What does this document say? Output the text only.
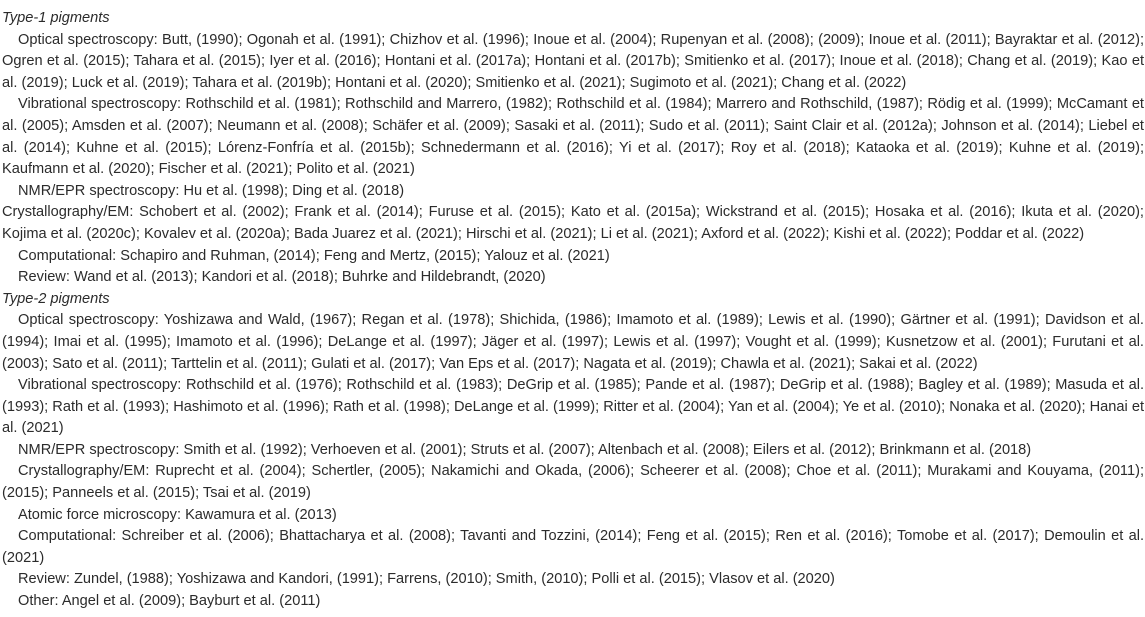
Type-1 pigments

Optical spectroscopy: Butt, (1990); Ogonah et al. (1991); Chizhov et al. (1996); Inoue et al. (2004); Rupenyan et al. (2008); (2009); Inoue et al. (2011); Bayraktar et al. (2012); Ogren et al. (2015); Tahara et al. (2015); Iyer et al. (2016); Hontani et al. (2017a); Hontani et al. (2017b); Smitienko et al. (2017); Inoue et al. (2018); Chang et al. (2019); Kao et al. (2019); Luck et al. (2019); Tahara et al. (2019b); Hontani et al. (2020); Smitienko et al. (2021); Sugimoto et al. (2021); Chang et al. (2022)

Vibrational spectroscopy: Rothschild et al. (1981); Rothschild and Marrero, (1982); Rothschild et al. (1984); Marrero and Rothschild, (1987); Rödig et al. (1999); McCamant et al. (2005); Amsden et al. (2007); Neumann et al. (2008); Schäfer et al. (2009); Sasaki et al. (2011); Sudo et al. (2011); Saint Clair et al. (2012a); Johnson et al. (2014); Liebel et al. (2014); Kuhne et al. (2015); Lórenz-Fonfría et al. (2015b); Schnedermann et al. (2016); Yi et al. (2017); Roy et al. (2018); Kataoka et al. (2019); Kuhne et al. (2019); Kaufmann et al. (2020); Fischer et al. (2021); Polito et al. (2021)

NMR/EPR spectroscopy: Hu et al. (1998); Ding et al. (2018)

Crystallography/EM: Schobert et al. (2002); Frank et al. (2014); Furuse et al. (2015); Kato et al. (2015a); Wickstrand et al. (2015); Hosaka et al. (2016); Ikuta et al. (2020); Kojima et al. (2020c); Kovalev et al. (2020a); Bada Juarez et al. (2021); Hirschi et al. (2021); Li et al. (2021); Axford et al. (2022); Kishi et al. (2022); Poddar et al. (2022)

Computational: Schapiro and Ruhman, (2014); Feng and Mertz, (2015); Yalouz et al. (2021)

Review: Wand et al. (2013); Kandori et al. (2018); Buhrke and Hildebrandt, (2020)

Type-2 pigments

Optical spectroscopy: Yoshizawa and Wald, (1967); Regan et al. (1978); Shichida, (1986); Imamoto et al. (1989); Lewis et al. (1990); Gärtner et al. (1991); Davidson et al. (1994); Imai et al. (1995); Imamoto et al. (1996); DeLange et al. (1997); Jäger et al. (1997); Lewis et al. (1997); Vought et al. (1999); Kusnetzow et al. (2001); Furutani et al. (2003); Sato et al. (2011); Tarttelin et al. (2011); Gulati et al. (2017); Van Eps et al. (2017); Nagata et al. (2019); Chawla et al. (2021); Sakai et al. (2022)

Vibrational spectroscopy: Rothschild et al. (1976); Rothschild et al. (1983); DeGrip et al. (1985); Pande et al. (1987); DeGrip et al. (1988); Bagley et al. (1989); Masuda et al. (1993); Rath et al. (1993); Hashimoto et al. (1996); Rath et al. (1998); DeLange et al. (1999); Ritter et al. (2004); Yan et al. (2004); Ye et al. (2010); Nonaka et al. (2020); Hanai et al. (2021)

NMR/EPR spectroscopy: Smith et al. (1992); Verhoeven et al. (2001); Struts et al. (2007); Altenbach et al. (2008); Eilers et al. (2012); Brinkmann et al. (2018)

Crystallography/EM: Ruprecht et al. (2004); Schertler, (2005); Nakamichi and Okada, (2006); Scheerer et al. (2008); Choe et al. (2011); Murakami and Kouyama, (2011); (2015); Panneels et al. (2015); Tsai et al. (2019)

Atomic force microscopy: Kawamura et al. (2013)

Computational: Schreiber et al. (2006); Bhattacharya et al. (2008); Tavanti and Tozzini, (2014); Feng et al. (2015); Ren et al. (2016); Tomobe et al. (2017); Demoulin et al. (2021)

Review: Zundel, (1988); Yoshizawa and Kandori, (1991); Farrens, (2010); Smith, (2010); Polli et al. (2015); Vlasov et al. (2020)

Other: Angel et al. (2009); Bayburt et al. (2011)
